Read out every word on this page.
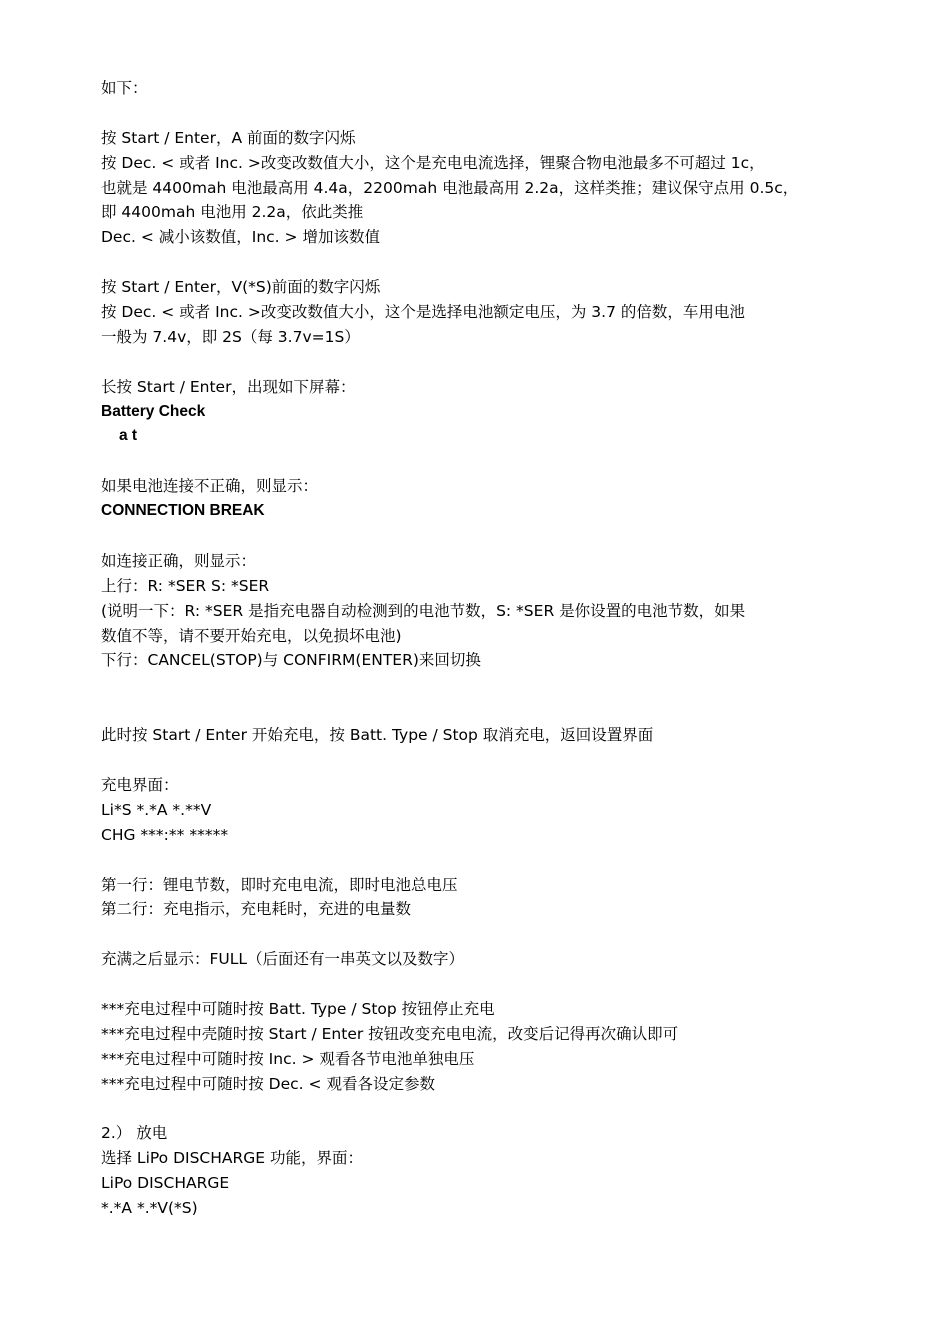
如下：
按 Start / Enter，A 前面的数字闪烁
按 Dec. < 或者 Inc. >改变改数值大小，这个是充电电流选择，锂聚合物电池最多不可超过 1c，
也就是 4400mah 电池最高用 4.4a，2200mah 电池最高用 2.2a，这样类推；建议保守点用 0.5c，
即 4400mah 电池用 2.2a，依此类推
Dec. < 减小该数值，Inc. > 增加该数值
按 Start / Enter，V(*S)前面的数字闪烁
按 Dec. < 或者 Inc. >改变改数值大小，这个是选择电池额定电压，为 3.7 的倍数，车用电池
一般为 7.4v，即 2S（每 3.7v=1S）
长按 Start / Enter，出现如下屏幕：
Battery Check
a t
如果电池连接不正确，则显示：
CONNECTION BREAK
如连接正确，则显示：
上行：R: *SER S: *SER
(说明一下：R: *SER 是指充电器自动检测到的电池节数，S: *SER 是你设置的电池节数，如果
数值不等，请不要开始充电，以免损坏电池)
下行：CANCEL(STOP)与 CONFIRM(ENTER)来回切换
此时按 Start / Enter 开始充电，按 Batt. Type / Stop 取消充电，返回设置界面
充电界面：
Li*S *.*A *.**V
CHG ***:** *****
第一行：锂电节数，即时充电电流，即时电池总电压
第二行：充电指示，充电耗时，充进的电量数
充满之后显示：FULL（后面还有一串英文以及数字）
***充电过程中可随时按 Batt. Type / Stop 按钮停止充电
***充电过程中壳随时按 Start / Enter 按钮改变充电电流，改变后记得再次确认即可
***充电过程中可随时按 Inc. > 观看各节电池单独电压
***充电过程中可随时按 Dec. < 观看各设定参数
2.） 放电
选择 LiPo DISCHARGE 功能，界面：
LiPo DISCHARGE
*.*A *.*V(*S)
